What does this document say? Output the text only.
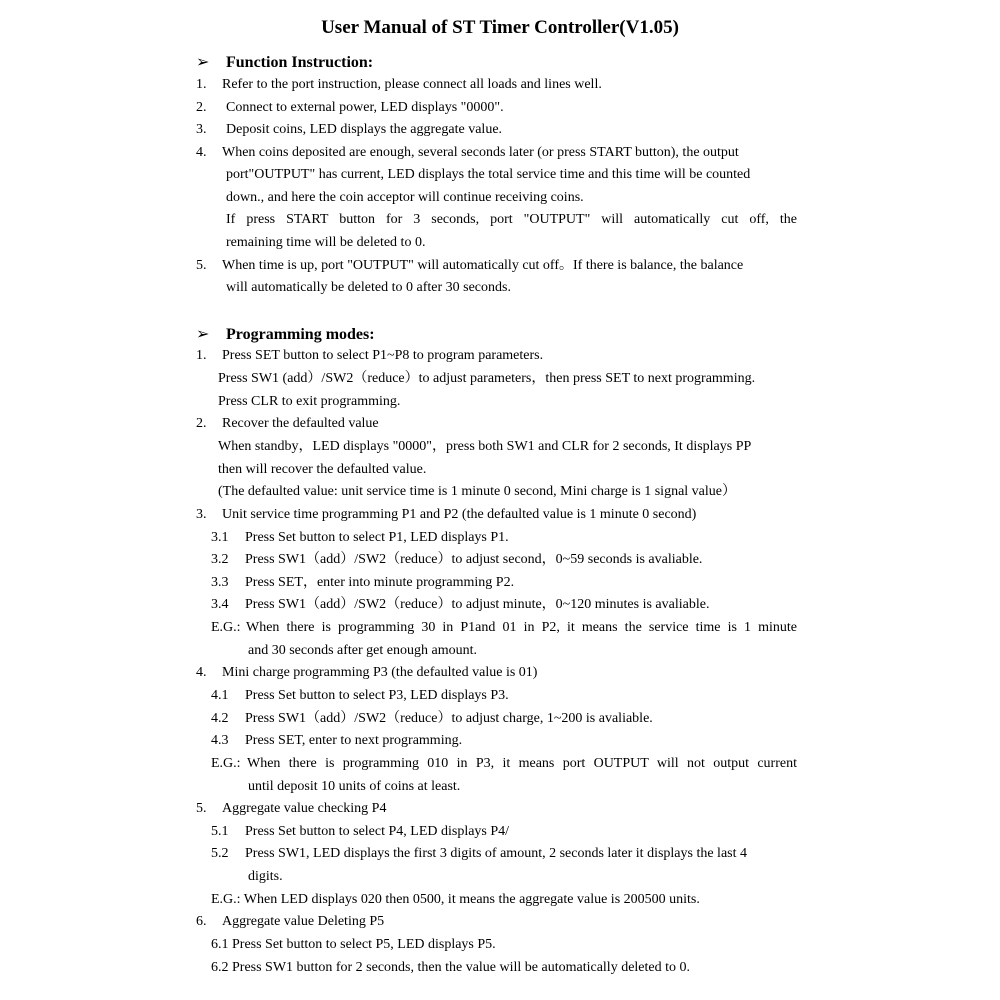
User Manual of ST Timer Controller(V1.05)
➢ Function Instruction:
1. Refer to the port instruction, please connect all loads and lines well.
2. Connect to external power, LED displays "0000".
3. Deposit coins, LED displays the aggregate value.
4. When coins deposited are enough, several seconds later (or press START button), the output
port"OUTPUT" has current, LED displays the total service time and this time will be counted
down., and here the coin acceptor will continue receiving coins.
If press START button for 3 seconds, port "OUTPUT" will automatically cut off, the
remaining time will be deleted to 0.
5. When time is up, port "OUTPUT" will automatically cut off。If there is balance, the balance
will automatically be deleted to 0 after 30 seconds.
➢ Programming modes:
1. Press SET button to select P1~P8 to program parameters.
Press SW1 (add）/SW2（reduce）to adjust parameters，then press SET to next programming.
Press CLR to exit programming.
2. Recover the defaulted value
When standby，LED displays "0000"，press both SW1 and CLR for 2 seconds, It displays PP
then will recover the defaulted value.
(The defaulted value: unit service time is 1 minute 0 second, Mini charge is 1 signal value）
3. Unit service time programming P1 and P2 (the defaulted value is 1 minute 0 second)
3.1 Press Set button to select P1, LED displays P1.
3.2 Press SW1（add）/SW2（reduce）to adjust second，0~59 seconds is avaliable.
3.3 Press SET，enter into minute programming P2.
3.4 Press SW1（add）/SW2（reduce）to adjust minute，0~120 minutes is avaliable.
E.G.: When there is programming 30 in P1and 01 in P2, it means the service time is 1 minute
and 30 seconds after get enough amount.
4. Mini charge programming P3 (the defaulted value is 01)
4.1 Press Set button to select P3, LED displays P3.
4.2 Press SW1（add）/SW2（reduce）to adjust charge, 1~200 is avaliable.
4.3 Press SET, enter to next programming.
E.G.: When there is programming 010 in P3, it means port OUTPUT will not output current
until deposit 10 units of coins at least.
5. Aggregate value checking P4
5.1 Press Set button to select P4, LED displays P4/
5.2 Press SW1, LED displays the first 3 digits of amount, 2 seconds later it displays the last 4
digits.
E.G.: When LED displays 020 then 0500, it means the aggregate value is 200500 units.
6. Aggregate value Deleting P5
6.1 Press Set button to select P5, LED displays P5.
6.2 Press SW1 button for 2 seconds, then the value will be automatically deleted to 0.
